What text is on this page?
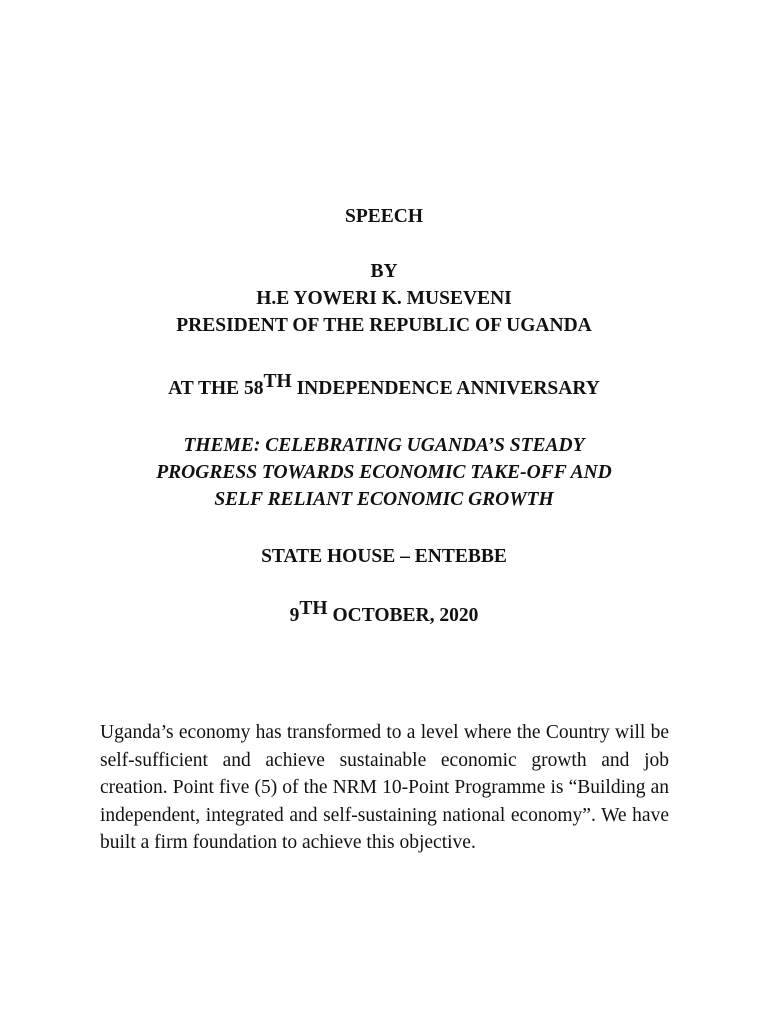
SPEECH
BY
H.E YOWERI K. MUSEVENI
PRESIDENT OF THE REPUBLIC OF UGANDA
AT THE 58TH INDEPENDENCE ANNIVERSARY
THEME: CELEBRATING UGANDA’S STEADY
PROGRESS TOWARDS ECONOMIC TAKE-OFF AND
SELF RELIANT ECONOMIC GROWTH
STATE HOUSE – ENTEBBE
9TH OCTOBER, 2020

Uganda’s economy has transformed to a level where the Country will be self-sufficient and achieve sustainable economic growth and job creation. Point five (5) of the NRM 10-Point Programme is “Building an independent, integrated and self-sustaining national economy”. We have built a firm foundation to achieve this objective.
